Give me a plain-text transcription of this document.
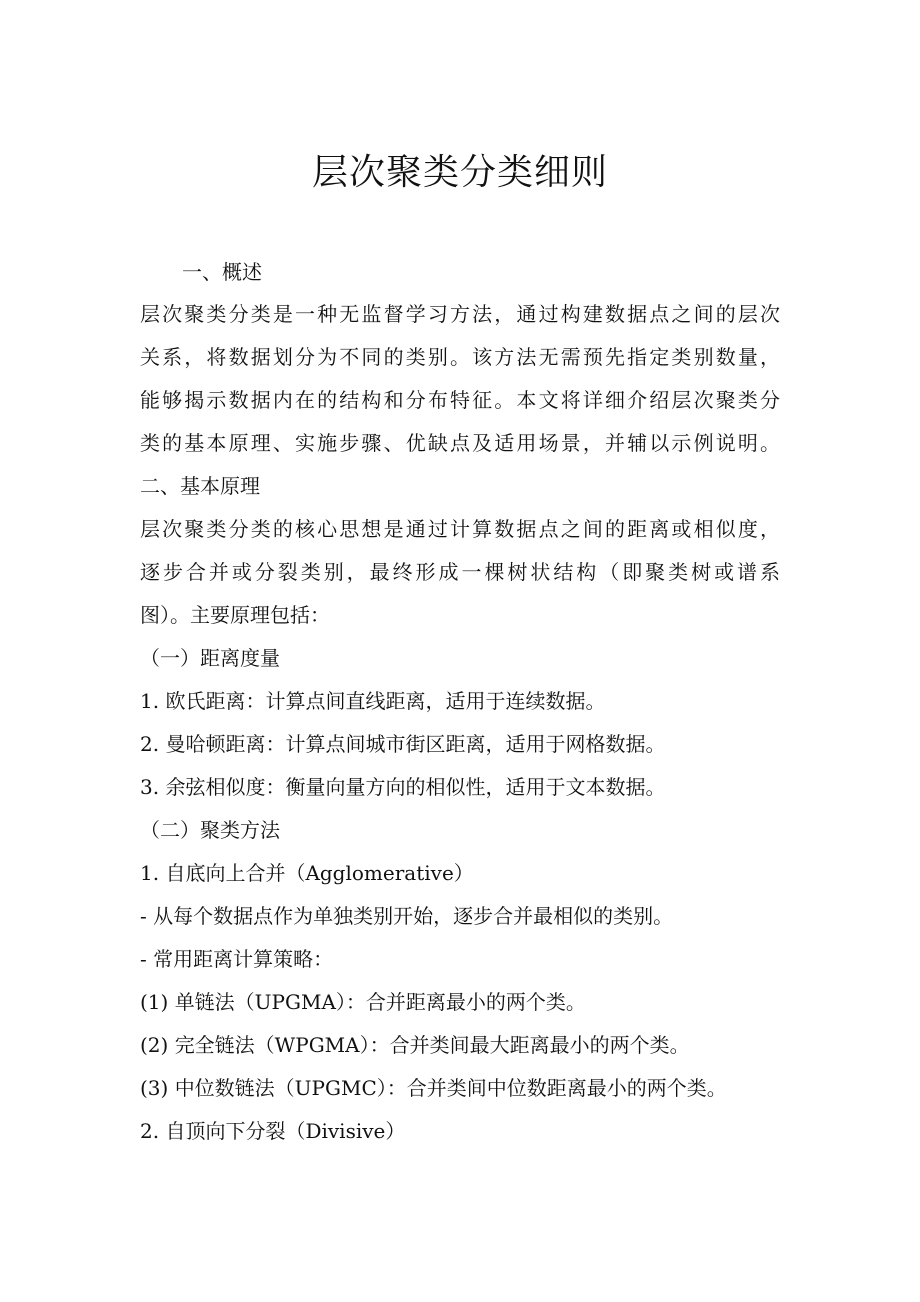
层次聚类分类细则

一、概述

层次聚类分类是一种无监督学习方法，通过构建数据点之间的层次

关系，将数据划分为不同的类别。该方法无需预先指定类别数量，

能够揭示数据内在的结构和分布特征。本文将详细介绍层次聚类分

类的基本原理、实施步骤、优缺点及适用场景，并辅以示例说明。

二、基本原理

层次聚类分类的核心思想是通过计算数据点之间的距离或相似度，

逐步合并或分裂类别，最终形成一棵树状结构（即聚类树或谱系

图）。主要原理包括：

（一）距离度量

1. 欧氏距离：计算点间直线距离，适用于连续数据。

2. 曼哈顿距离：计算点间城市街区距离，适用于网格数据。

3. 余弦相似度：衡量向量方向的相似性，适用于文本数据。

（二）聚类方法

1. 自底向上合并（Agglomerative）

- 从每个数据点作为单独类别开始，逐步合并最相似的类别。

- 常用距离计算策略：

(1) 单链法（UPGMA）：合并距离最小的两个类。

(2) 完全链法（WPGMA）：合并类间最大距离最小的两个类。

(3) 中位数链法（UPGMC）：合并类间中位数距离最小的两个类。

2. 自顶向下分裂（Divisive）
